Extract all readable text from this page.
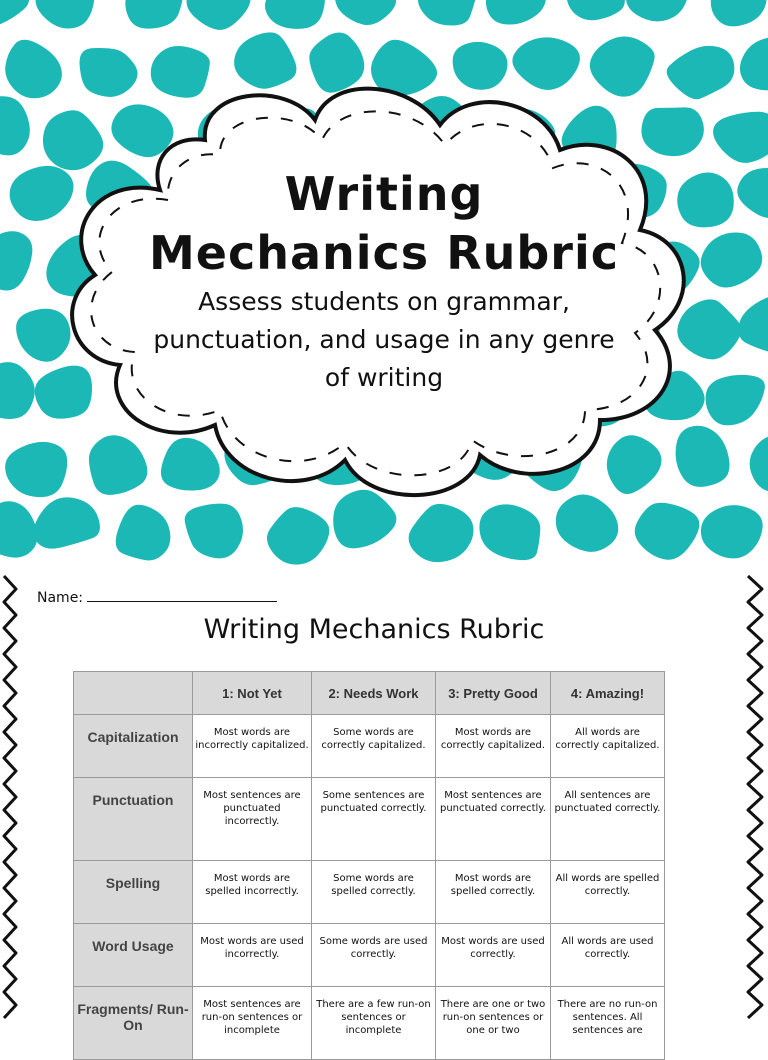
Writing
Mechanics Rubric
Assess students on grammar, punctuation, and usage in any genre of writing
Name:
Writing Mechanics Rubric
	1: Not Yet	2: Needs Work	3: Pretty Good	4: Amazing!
Capitalization	Most words are incorrectly capitalized.	Some words are correctly capitalized.	Most words are correctly capitalized.	All words are correctly capitalized.
Punctuation	Most sentences are punctuated incorrectly.	Some sentences are punctuated correctly.	Most sentences are punctuated correctly.	All sentences are punctuated correctly.
Spelling	Most words are spelled incorrectly.	Some words are spelled correctly.	Most words are spelled correctly.	All words are spelled correctly.
Word Usage	Most words are used incorrectly.	Some words are used correctly.	Most words are used correctly.	All words are used correctly.
Fragments/ Run-On	Most sentences are run-on sentences or incomplete	There are a few run-on sentences or incomplete	There are one or two run-on sentences or one or two	There are no run-on sentences. All sentences are
